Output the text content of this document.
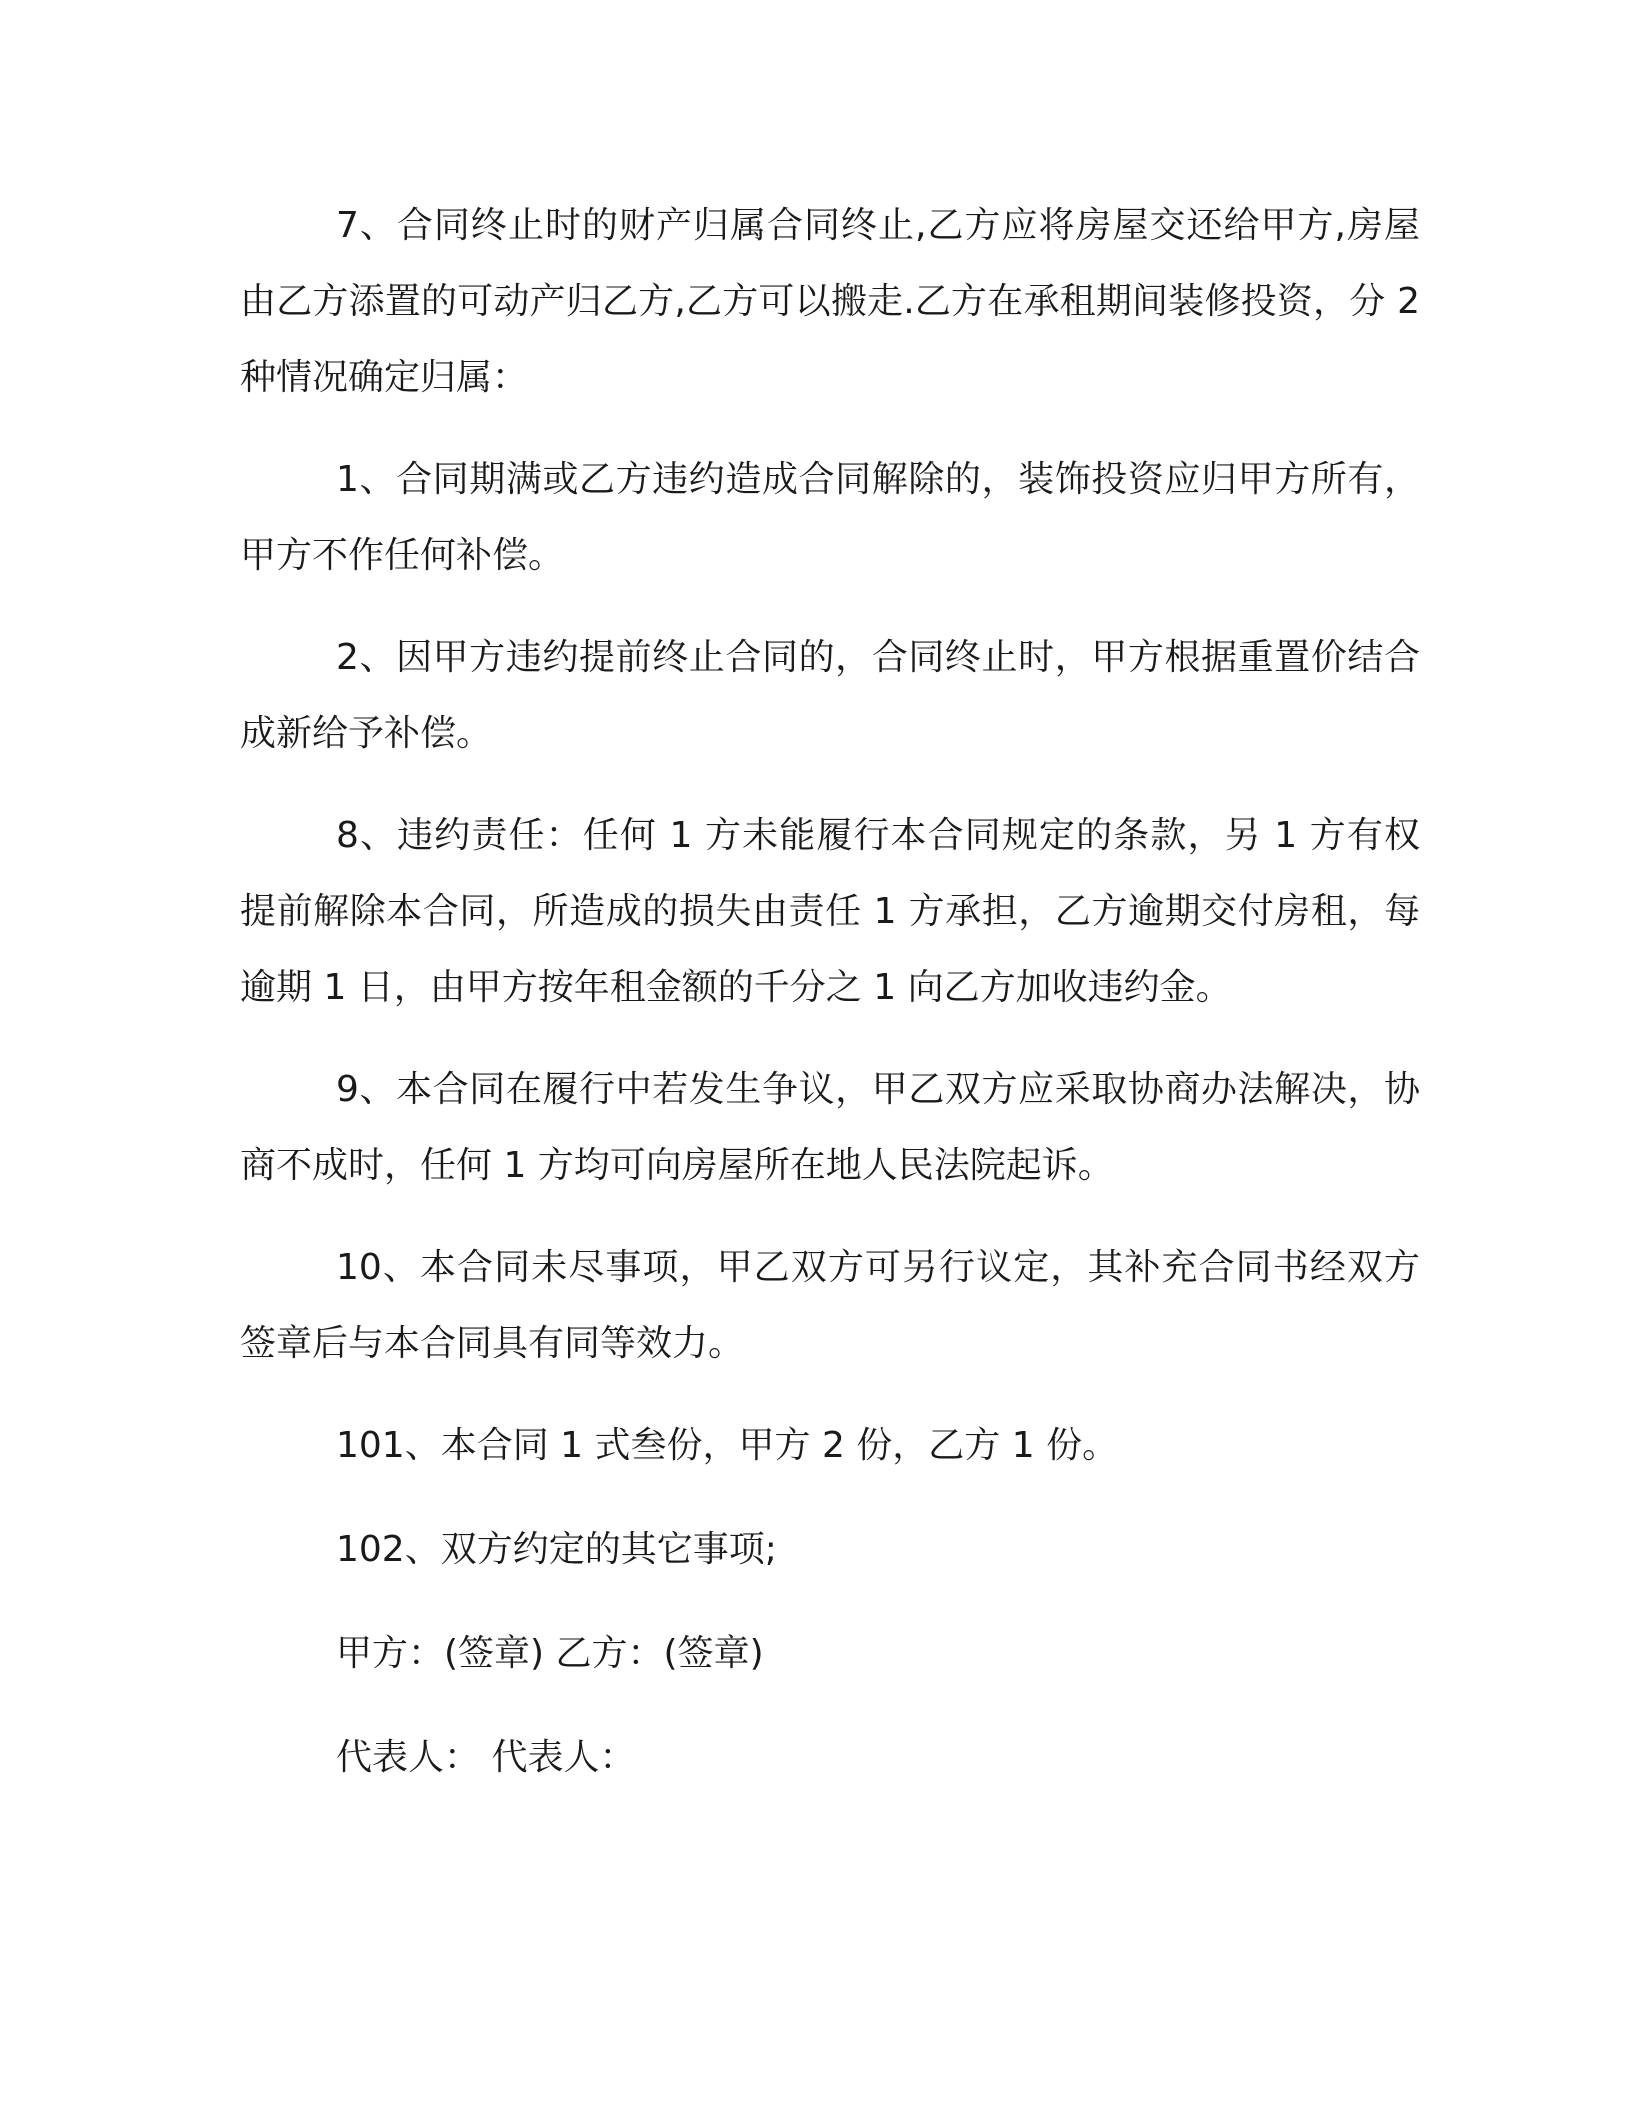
7、合同终止时的财产归属合同终止,乙方应将房屋交还给甲方,房屋由乙方添置的可动产归乙方,乙方可以搬走.乙方在承租期间装修投资，分 2 种情况确定归属：

1、合同期满或乙方违约造成合同解除的，装饰投资应归甲方所有，甲方不作任何补偿。

2、因甲方违约提前终止合同的，合同终止时，甲方根据重置价结合成新给予补偿。

8、违约责任：任何 1 方未能履行本合同规定的条款，另 1 方有权提前解除本合同，所造成的损失由责任 1 方承担，乙方逾期交付房租，每逾期 1 日，由甲方按年租金额的千分之 1 向乙方加收违约金。

9、本合同在履行中若发生争议，甲乙双方应采取协商办法解决，协商不成时，任何 1 方均可向房屋所在地人民法院起诉。

10、本合同未尽事项，甲乙双方可另行议定，其补充合同书经双方签章后与本合同具有同等效力。

101、本合同 1 式叁份，甲方 2 份，乙方 1 份。

102、双方约定的其它事项;

甲方：(签章) 乙方：(签章)

代表人： 代表人：
